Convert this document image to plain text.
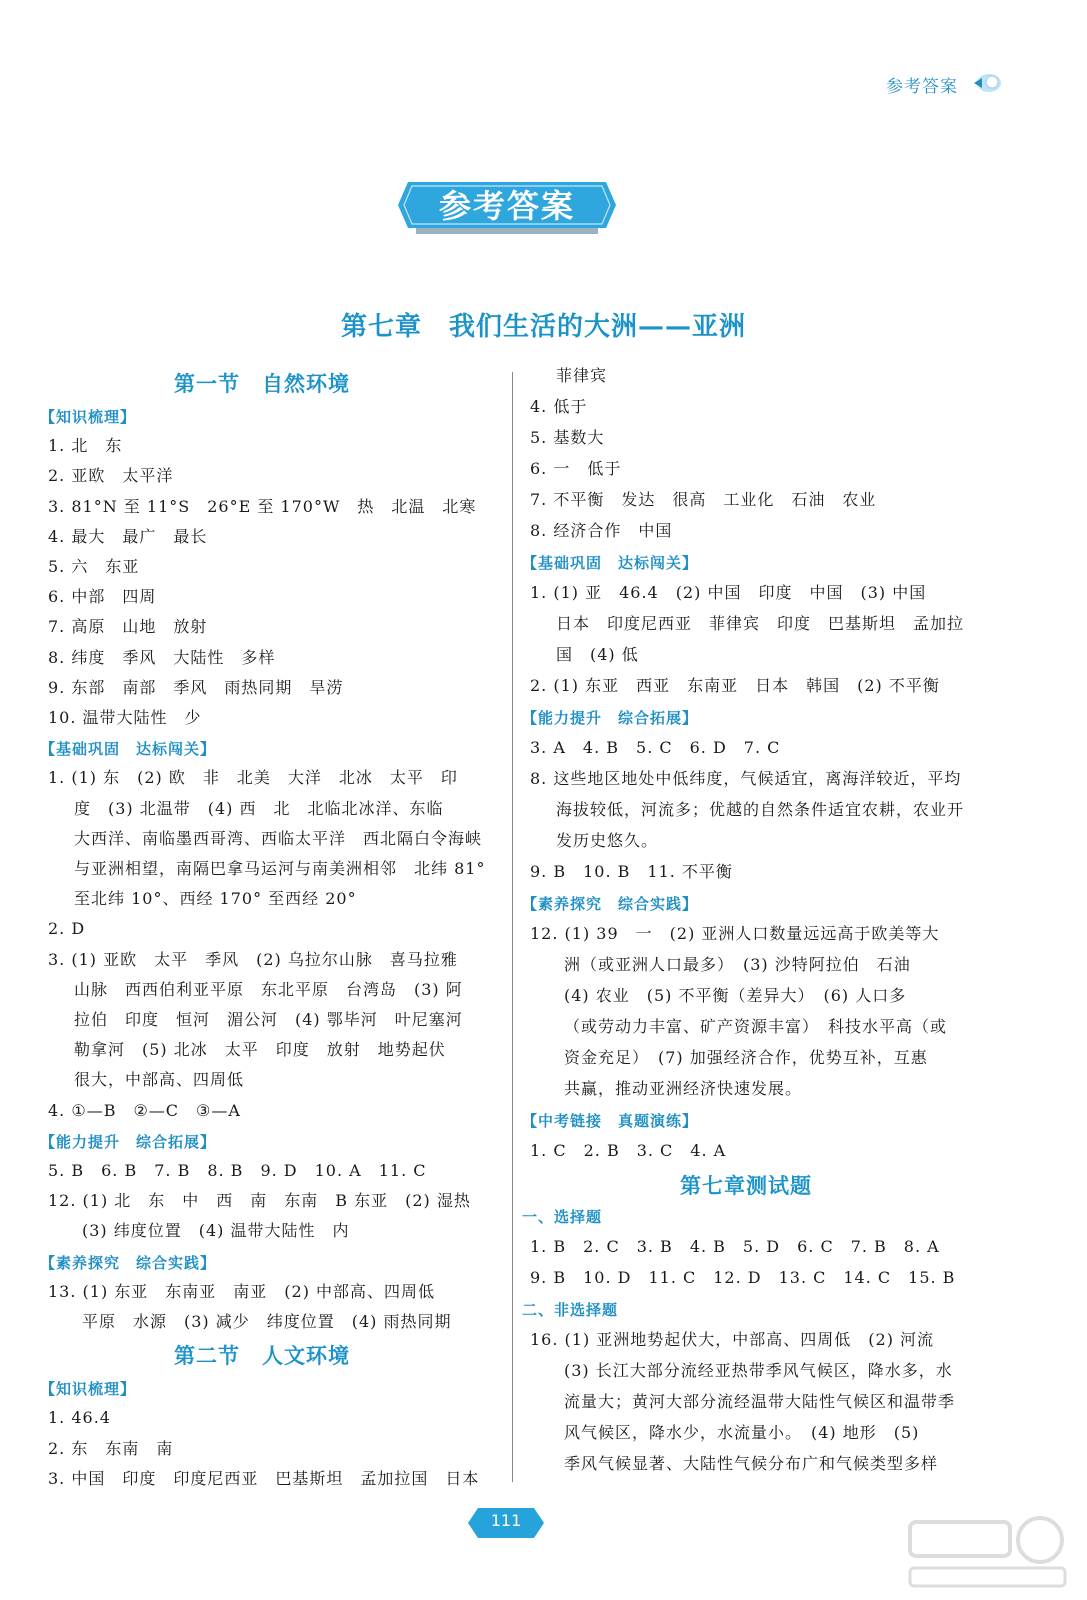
参考答案
参考答案
第七章　我们生活的大洲——亚洲
第一节　自然环境
【知识梳理】
1. 北　东
2. 亚欧　太平洋
3. 81°N 至 11°S　26°E 至 170°W　热　北温　北寒
4. 最大　最广　最长
5. 六　东亚
6. 中部　四周
7. 高原　山地　放射
8. 纬度　季风　大陆性　多样
9. 东部　南部　季风　雨热同期　旱涝
10. 温带大陆性　少
【基础巩固　达标闯关】
1. (1) 东　(2) 欧　非　北美　大洋　北冰　太平　印
度　(3) 北温带　(4) 西　北　北临北冰洋、东临
大西洋、南临墨西哥湾、西临太平洋　西北隔白令海峡
与亚洲相望，南隔巴拿马运河与南美洲相邻　北纬 81°
至北纬 10°、西经 170° 至西经 20°
2. D
3. (1) 亚欧　太平　季风　(2) 乌拉尔山脉　喜马拉雅
山脉　西西伯利亚平原　东北平原　台湾岛　(3) 阿
拉伯　印度　恒河　湄公河　(4) 鄂毕河　叶尼塞河
勒拿河　(5) 北冰　太平　印度　放射　地势起伏
很大，中部高、四周低
4. ①—B　②—C　③—A
【能力提升　综合拓展】
5. B　6. B　7. B　8. B　9. D　10. A　11. C
12. (1) 北　东　中　西　南　东南　B 东亚　(2) 湿热
(3) 纬度位置　(4) 温带大陆性　内
【素养探究　综合实践】
13. (1) 东亚　东南亚　南亚　(2) 中部高、四周低
平原　水源　(3) 减少　纬度位置　(4) 雨热同期
第二节　人文环境
【知识梳理】
1. 46.4
2. 东　东南　南
3. 中国　印度　印度尼西亚　巴基斯坦　孟加拉国　日本
菲律宾
4. 低于
5. 基数大
6. 一　低于
7. 不平衡　发达　很高　工业化　石油　农业
8. 经济合作　中国
【基础巩固　达标闯关】
1. (1) 亚　46.4　(2) 中国　印度　中国　(3) 中国
日本　印度尼西亚　菲律宾　印度　巴基斯坦　孟加拉
国　(4) 低
2. (1) 东亚　西亚　东南亚　日本　韩国　(2) 不平衡
【能力提升　综合拓展】
3. A　4. B　5. C　6. D　7. C
8. 这些地区地处中低纬度，气候适宜，离海洋较近，平均
海拔较低，河流多；优越的自然条件适宜农耕，农业开
发历史悠久。
9. B　10. B　11. 不平衡
【素养探究　综合实践】
12. (1) 39　一　(2) 亚洲人口数量远远高于欧美等大
洲（或亚洲人口最多）　(3) 沙特阿拉伯　石油
(4) 农业　(5) 不平衡（差异大）　(6) 人口多
（或劳动力丰富、矿产资源丰富）　科技水平高（或
资金充足）　(7) 加强经济合作，优势互补，互惠
共赢，推动亚洲经济快速发展。
【中考链接　真题演练】
1. C　2. B　3. C　4. A
第七章测试题
一、选择题
1. B　2. C　3. B　4. B　5. D　6. C　7. B　8. A
9. B　10. D　11. C　12. D　13. C　14. C　15. B
二、非选择题
16. (1) 亚洲地势起伏大，中部高、四周低　(2) 河流
(3) 长江大部分流经亚热带季风气候区，降水多，水
流量大；黄河大部分流经温带大陆性气候区和温带季
风气候区，降水少，水流量小。　(4) 地形　(5)
季风气候显著、大陆性气候分布广和气候类型多样
111
